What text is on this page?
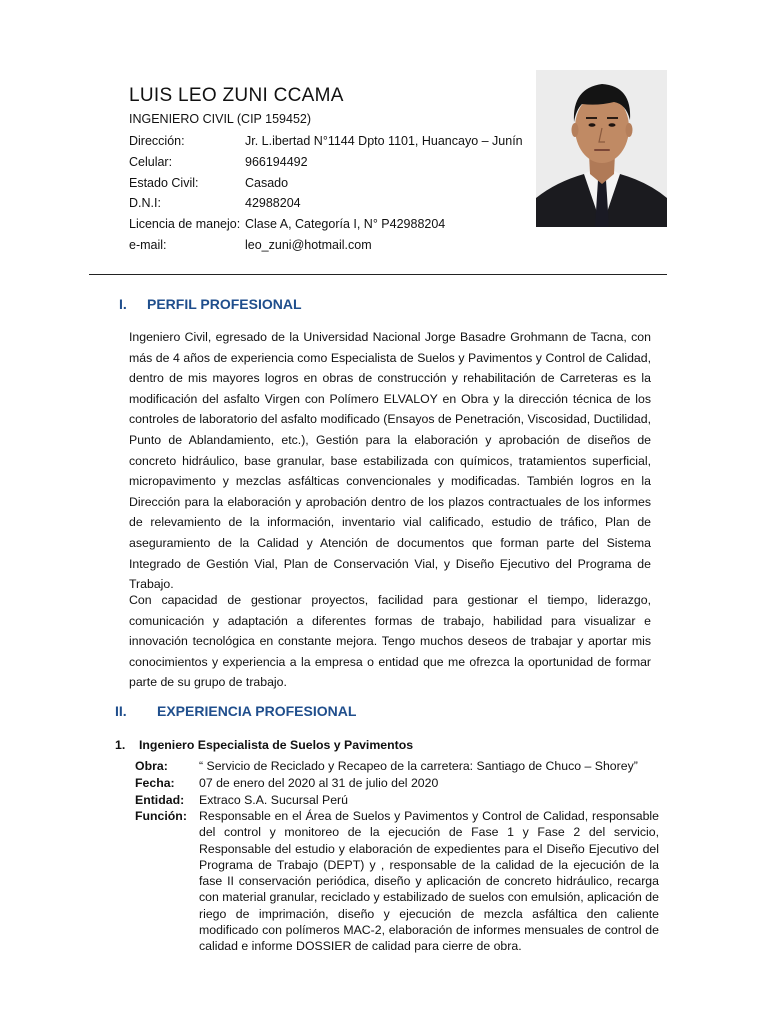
LUIS LEO ZUNI CCAMA
INGENIERO CIVIL (CIP 159452)
Dirección:	Jr. L.ibertad N°1144 Dpto 1101, Huancayo – Junín
Celular:	966194492
Estado Civil:	Casado
D.N.I:	42988204
Licencia de manejo: Clase A, Categoría I, N° P42988204
e-mail:	leo_zuni@hotmail.com
I. PERFIL PROFESIONAL
Ingeniero Civil, egresado de la Universidad Nacional Jorge Basadre Grohmann de Tacna, con más de 4 años de experiencia como Especialista de Suelos y Pavimentos y Control de Calidad, dentro de mis mayores logros en obras de construcción y rehabilitación de Carreteras es la modificación del asfalto Virgen con Polímero ELVALOY en Obra y la dirección técnica de los controles de laboratorio del asfalto modificado (Ensayos de Penetración, Viscosidad, Ductilidad, Punto de Ablandamiento, etc.), Gestión para la elaboración y aprobación de diseños de concreto hidráulico, base granular, base estabilizada con químicos, tratamientos superficial, micropavimento y mezclas asfálticas convencionales y modificadas. También logros en la Dirección para la elaboración y aprobación dentro de los plazos contractuales de los informes de relevamiento de la información, inventario vial calificado, estudio de tráfico, Plan de aseguramiento de la Calidad y Atención de documentos que forman parte del Sistema Integrado de Gestión Vial, Plan de Conservación Vial, y Diseño Ejecutivo del Programa de Trabajo.
Con capacidad de gestionar proyectos, facilidad para gestionar el tiempo, liderazgo, comunicación y adaptación a diferentes formas de trabajo, habilidad para visualizar e innovación tecnológica en constante mejora. Tengo muchos deseos de trabajar y aportar mis conocimientos y experiencia a la empresa o entidad que me ofrezca la oportunidad de formar parte de su grupo de trabajo.
II. EXPERIENCIA PROFESIONAL
1. Ingeniero Especialista de Suelos y Pavimentos
Obra:	“ Servicio de Reciclado y Recapeo de la carretera: Santiago de Chuco – Shorey”
Fecha:	07 de enero del 2020 al 31 de julio del 2020
Entidad:	Extraco S.A. Sucursal Perú
Función: Responsable en el Área de Suelos y Pavimentos y Control de Calidad, responsable del control y monitoreo de la ejecución de Fase 1 y Fase 2 del servicio, Responsable del estudio y elaboración de expedientes para el Diseño Ejecutivo del Programa de Trabajo (DEPT) y , responsable de la calidad de la ejecución de la fase II conservación periódica, diseño y aplicación de concreto hidráulico, recarga con material granular, reciclado y estabilizado de suelos con emulsión, aplicación de riego de imprimación, diseño y ejecución de mezcla asfáltica den caliente modificado con polímeros MAC-2, elaboración de informes mensuales de control de calidad e informe DOSSIER de calidad para cierre de obra.
